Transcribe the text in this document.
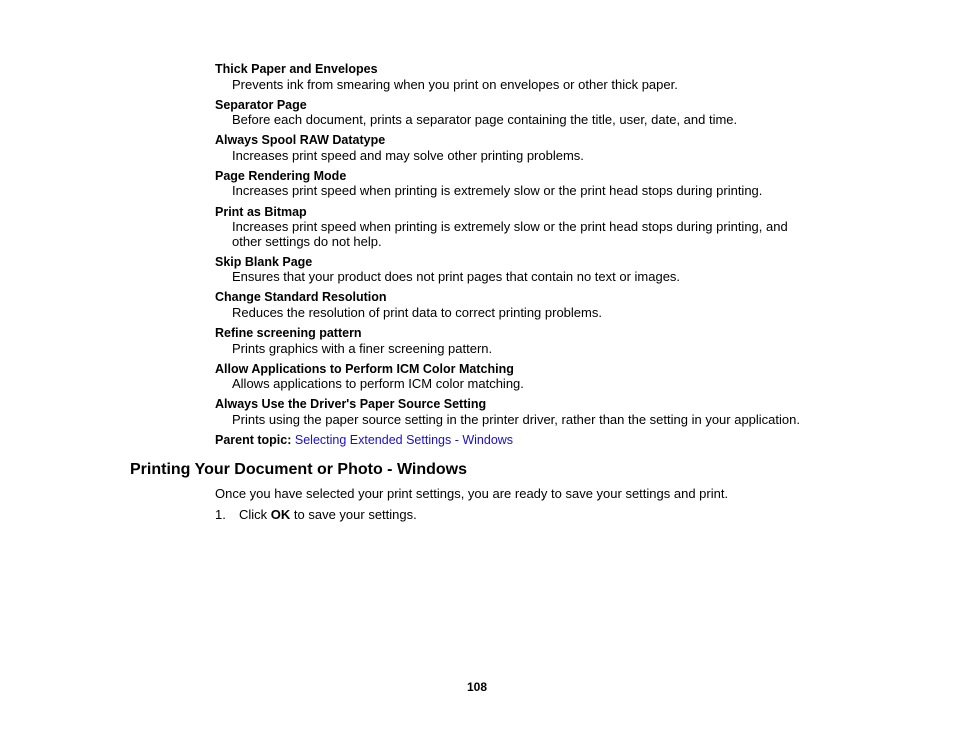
Thick Paper and Envelopes
Prevents ink from smearing when you print on envelopes or other thick paper.
Separator Page
Before each document, prints a separator page containing the title, user, date, and time.
Always Spool RAW Datatype
Increases print speed and may solve other printing problems.
Page Rendering Mode
Increases print speed when printing is extremely slow or the print head stops during printing.
Print as Bitmap
Increases print speed when printing is extremely slow or the print head stops during printing, and other settings do not help.
Skip Blank Page
Ensures that your product does not print pages that contain no text or images.
Change Standard Resolution
Reduces the resolution of print data to correct printing problems.
Refine screening pattern
Prints graphics with a finer screening pattern.
Allow Applications to Perform ICM Color Matching
Allows applications to perform ICM color matching.
Always Use the Driver's Paper Source Setting
Prints using the paper source setting in the printer driver, rather than the setting in your application.
Parent topic: Selecting Extended Settings - Windows
Printing Your Document or Photo - Windows
Once you have selected your print settings, you are ready to save your settings and print.
1. Click OK to save your settings.
108
